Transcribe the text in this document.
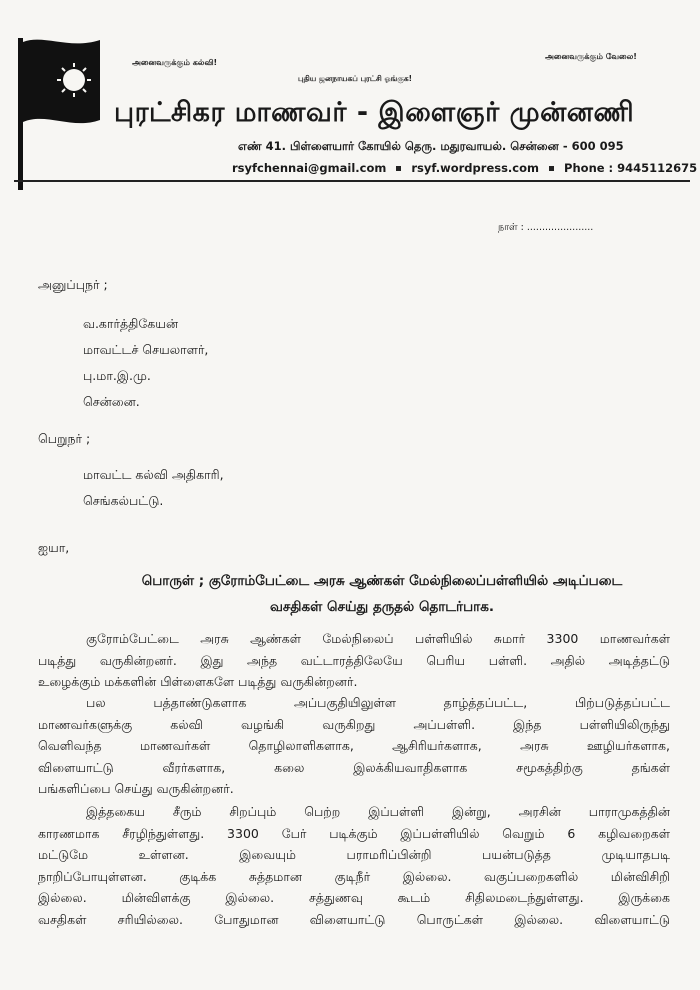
அனைவருக்கும் கல்வி!
புதிய ஜனநாயகப் புரட்சி ஓங்குக!
அனைவருக்கும் வேலை!
புரட்சிகர மாணவர் - இளைஞர் முன்னணி
எண் 41. பிள்ளையார் கோயில் தெரு. மதுரவாயல். சென்னை - 600 095
rsyfchennai@gmail.com rsyf.wordpress.com Phone : 9445112675
நாள் : ......................
அனுப்புநர் ;
வ.கார்த்திகேயன்
மாவட்டச் செயலாளர்,
பு.மா.இ.மு.
சென்னை.
பெறுநர் ;
மாவட்ட கல்வி அதிகாரி,
செங்கல்பட்டு.
ஐயா,
பொருள் ; குரோம்பேட்டை அரசு ஆண்கள் மேல்நிலைப்பள்ளியில் அடிப்படை
வசதிகள் செய்து தருதல் தொடர்பாக.
குரோம்பேட்டை அரசு ஆண்கள் மேல்நிலைப் பள்ளியில் சுமார் 3300 மாணவர்கள்
படித்து வருகின்றனர். இது அந்த வட்டாரத்திலேயே பெரிய பள்ளி. அதில் அடித்தட்டு
உழைக்கும் மக்களின் பிள்ளைகளே படித்து வருகின்றனர்.
பல பத்தாண்டுகளாக அப்பகுதியிலுள்ள தாழ்த்தப்பட்ட, பிற்படுத்தப்பட்ட
மாணவர்களுக்கு கல்வி வழங்கி வருகிறது அப்பள்ளி. இந்த பள்ளியிலிருந்து
வெளிவந்த மாணவர்கள் தொழிலாளிகளாக, ஆசிரியர்களாக, அரசு ஊழியர்களாக,
விளையாட்டு வீரர்களாக, கலை இலக்கியவாதிகளாக சமூகத்திற்கு தங்கள்
பங்களிப்பை செய்து வருகின்றனர்.
இத்தகைய சீரும் சிறப்பும் பெற்ற இப்பள்ளி இன்று, அரசின் பாராமுகத்தின்
காரணமாக சீரழிந்துள்ளது. 3300 பேர் படிக்கும் இப்பள்ளியில் வெறும் 6 கழிவறைகள்
மட்டுமே உள்ளன. இவையும் பராமரிப்பின்றி பயன்படுத்த முடியாதபடி
நாறிப்போயுள்ளன. குடிக்க சுத்தமான குடிநீர் இல்லை. வகுப்பறைகளில் மின்விசிறி
இல்லை. மின்விளக்கு இல்லை. சத்துணவு கூடம் சிதிலமடைந்துள்ளது. இருக்கை
வசதிகள் சரியில்லை. போதுமான விளையாட்டு பொருட்கள் இல்லை. விளையாட்டு
